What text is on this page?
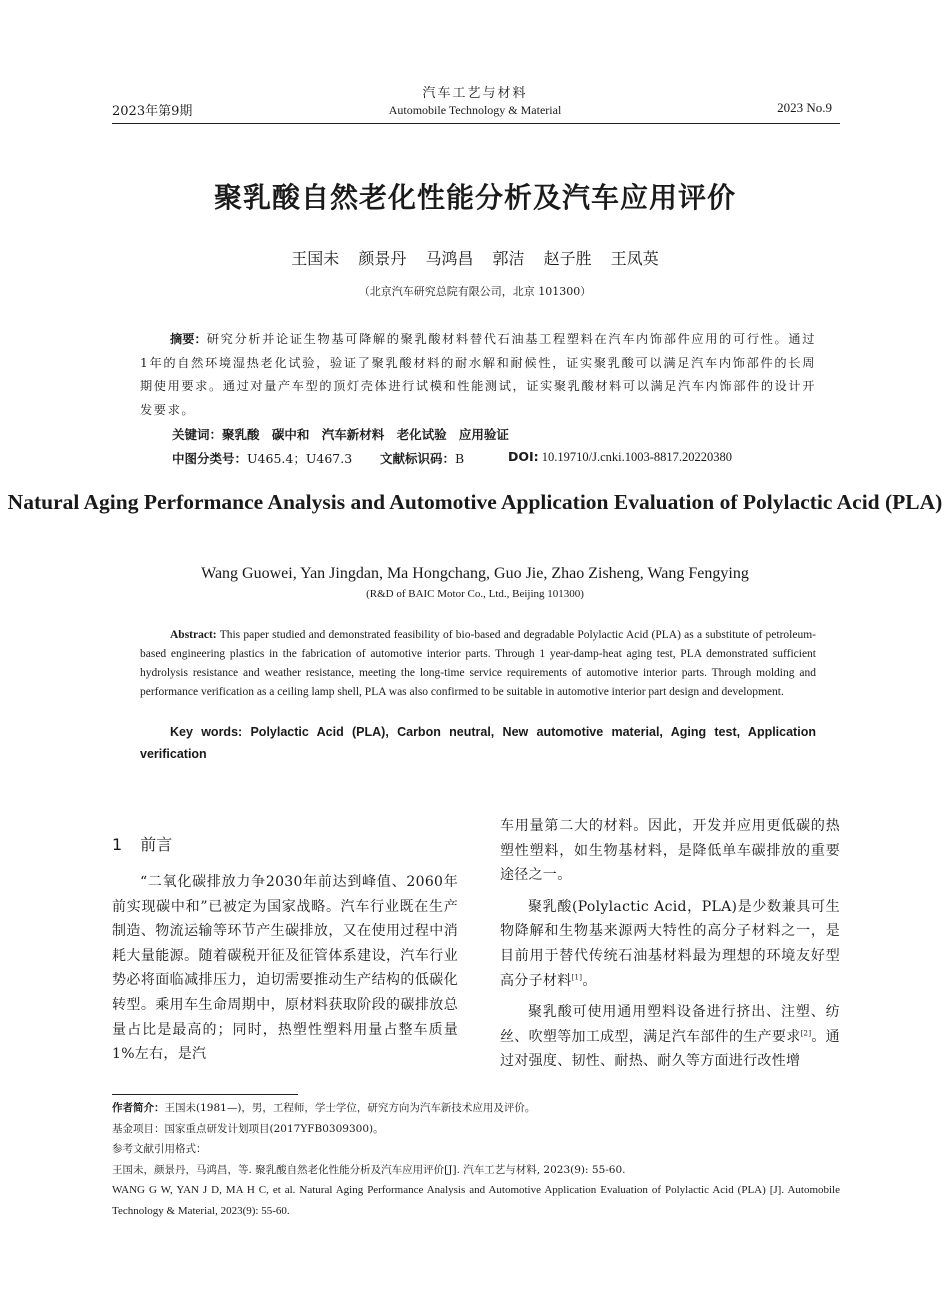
2023年第9期
汽车工艺与材料
Automobile Technology & Material	2023 No.9
聚乳酸自然老化性能分析及汽车应用评价
王国未 颜景丹 马鸿昌 郭洁 赵子胜 王凤英
（北京汽车研究总院有限公司，北京 101300）
摘要：研究分析并论证生物基可降解的聚乳酸材料替代石油基工程塑料在汽车内饰部件应用的可行性。通过1年的自然环境湿热老化试验，验证了聚乳酸材料的耐水解和耐候性，证实聚乳酸可以满足汽车内饰部件的长周期使用要求。通过对量产车型的顶灯壳体进行试模和性能测试，证实聚乳酸材料可以满足汽车内饰部件的设计开发要求。
关键词：聚乳酸 碳中和 汽车新材料 老化试验 应用验证
中图分类号：U465.4；U467.3 文献标识码：B	DOI: 10.19710/J.cnki.1003-8817.20220380
Natural Aging Performance Analysis and Automotive Application Evaluation of Polylactic Acid (PLA)
Wang Guowei, Yan Jingdan, Ma Hongchang, Guo Jie, Zhao Zisheng, Wang Fengying
(R&D of BAIC Motor Co., Ltd., Beijing 101300)
Abstract: This paper studied and demonstrated feasibility of bio-based and degradable Polylactic Acid (PLA) as a substitute of petroleum-based engineering plastics in the fabrication of automotive interior parts. Through 1 year-damp-heat aging test, PLA demonstrated sufficient hydrolysis resistance and weather resistance, meeting the long-time service requirements of automotive interior parts. Through molding and performance verification as a ceiling lamp shell, PLA was also confirmed to be suitable in automotive interior part design and development.
Key words: Polylactic Acid (PLA), Carbon neutral, New automotive material, Aging test, Application verification
1 前言

“二氧化碳排放力争2030年前达到峰值、2060年前实现碳中和”已被定为国家战略。汽车行业既在生产制造、物流运输等环节产生碳排放，又在使用过程中消耗大量能源。随着碳税开征及征管体系建设，汽车行业势必将面临减排压力，迫切需要推动生产结构的低碳化转型。乘用车生命周期中，原材料获取阶段的碳排放总量占比是最高的；同时，热塑性塑料用量占整车质量1%左右，是汽

车用量第二大的材料。因此，开发并应用更低碳的热塑性塑料，如生物基材料，是降低单车碳排放的重要途径之一。

聚乳酸(Polylactic Acid，PLA)是少数兼具可生物降解和生物基来源两大特性的高分子材料之一，是目前用于替代传统石油基材料最为理想的环境友好型高分子材料[1]。

聚乳酸可使用通用塑料设备进行挤出、注塑、纺丝、吹塑等加工成型，满足汽车部件的生产要求[2]。通过对强度、韧性、耐热、耐久等方面进行改性增

作者简介：王国未(1981—)，男，工程师，学士学位，研究方向为汽车新技术应用及评价。

基金项目：国家重点研发计划项目(2017YFB0309300)。

参考文献引用格式：

王国未，颜景丹，马鸿昌，等. 聚乳酸自然老化性能分析及汽车应用评价[J]. 汽车工艺与材料, 2023(9): 55-60.

WANG G W, YAN J D, MA H C, et al. Natural Aging Performance Analysis and Automotive Application Evaluation of Polylactic Acid (PLA) [J]. Automobile Technology & Material, 2023(9): 55-60.
